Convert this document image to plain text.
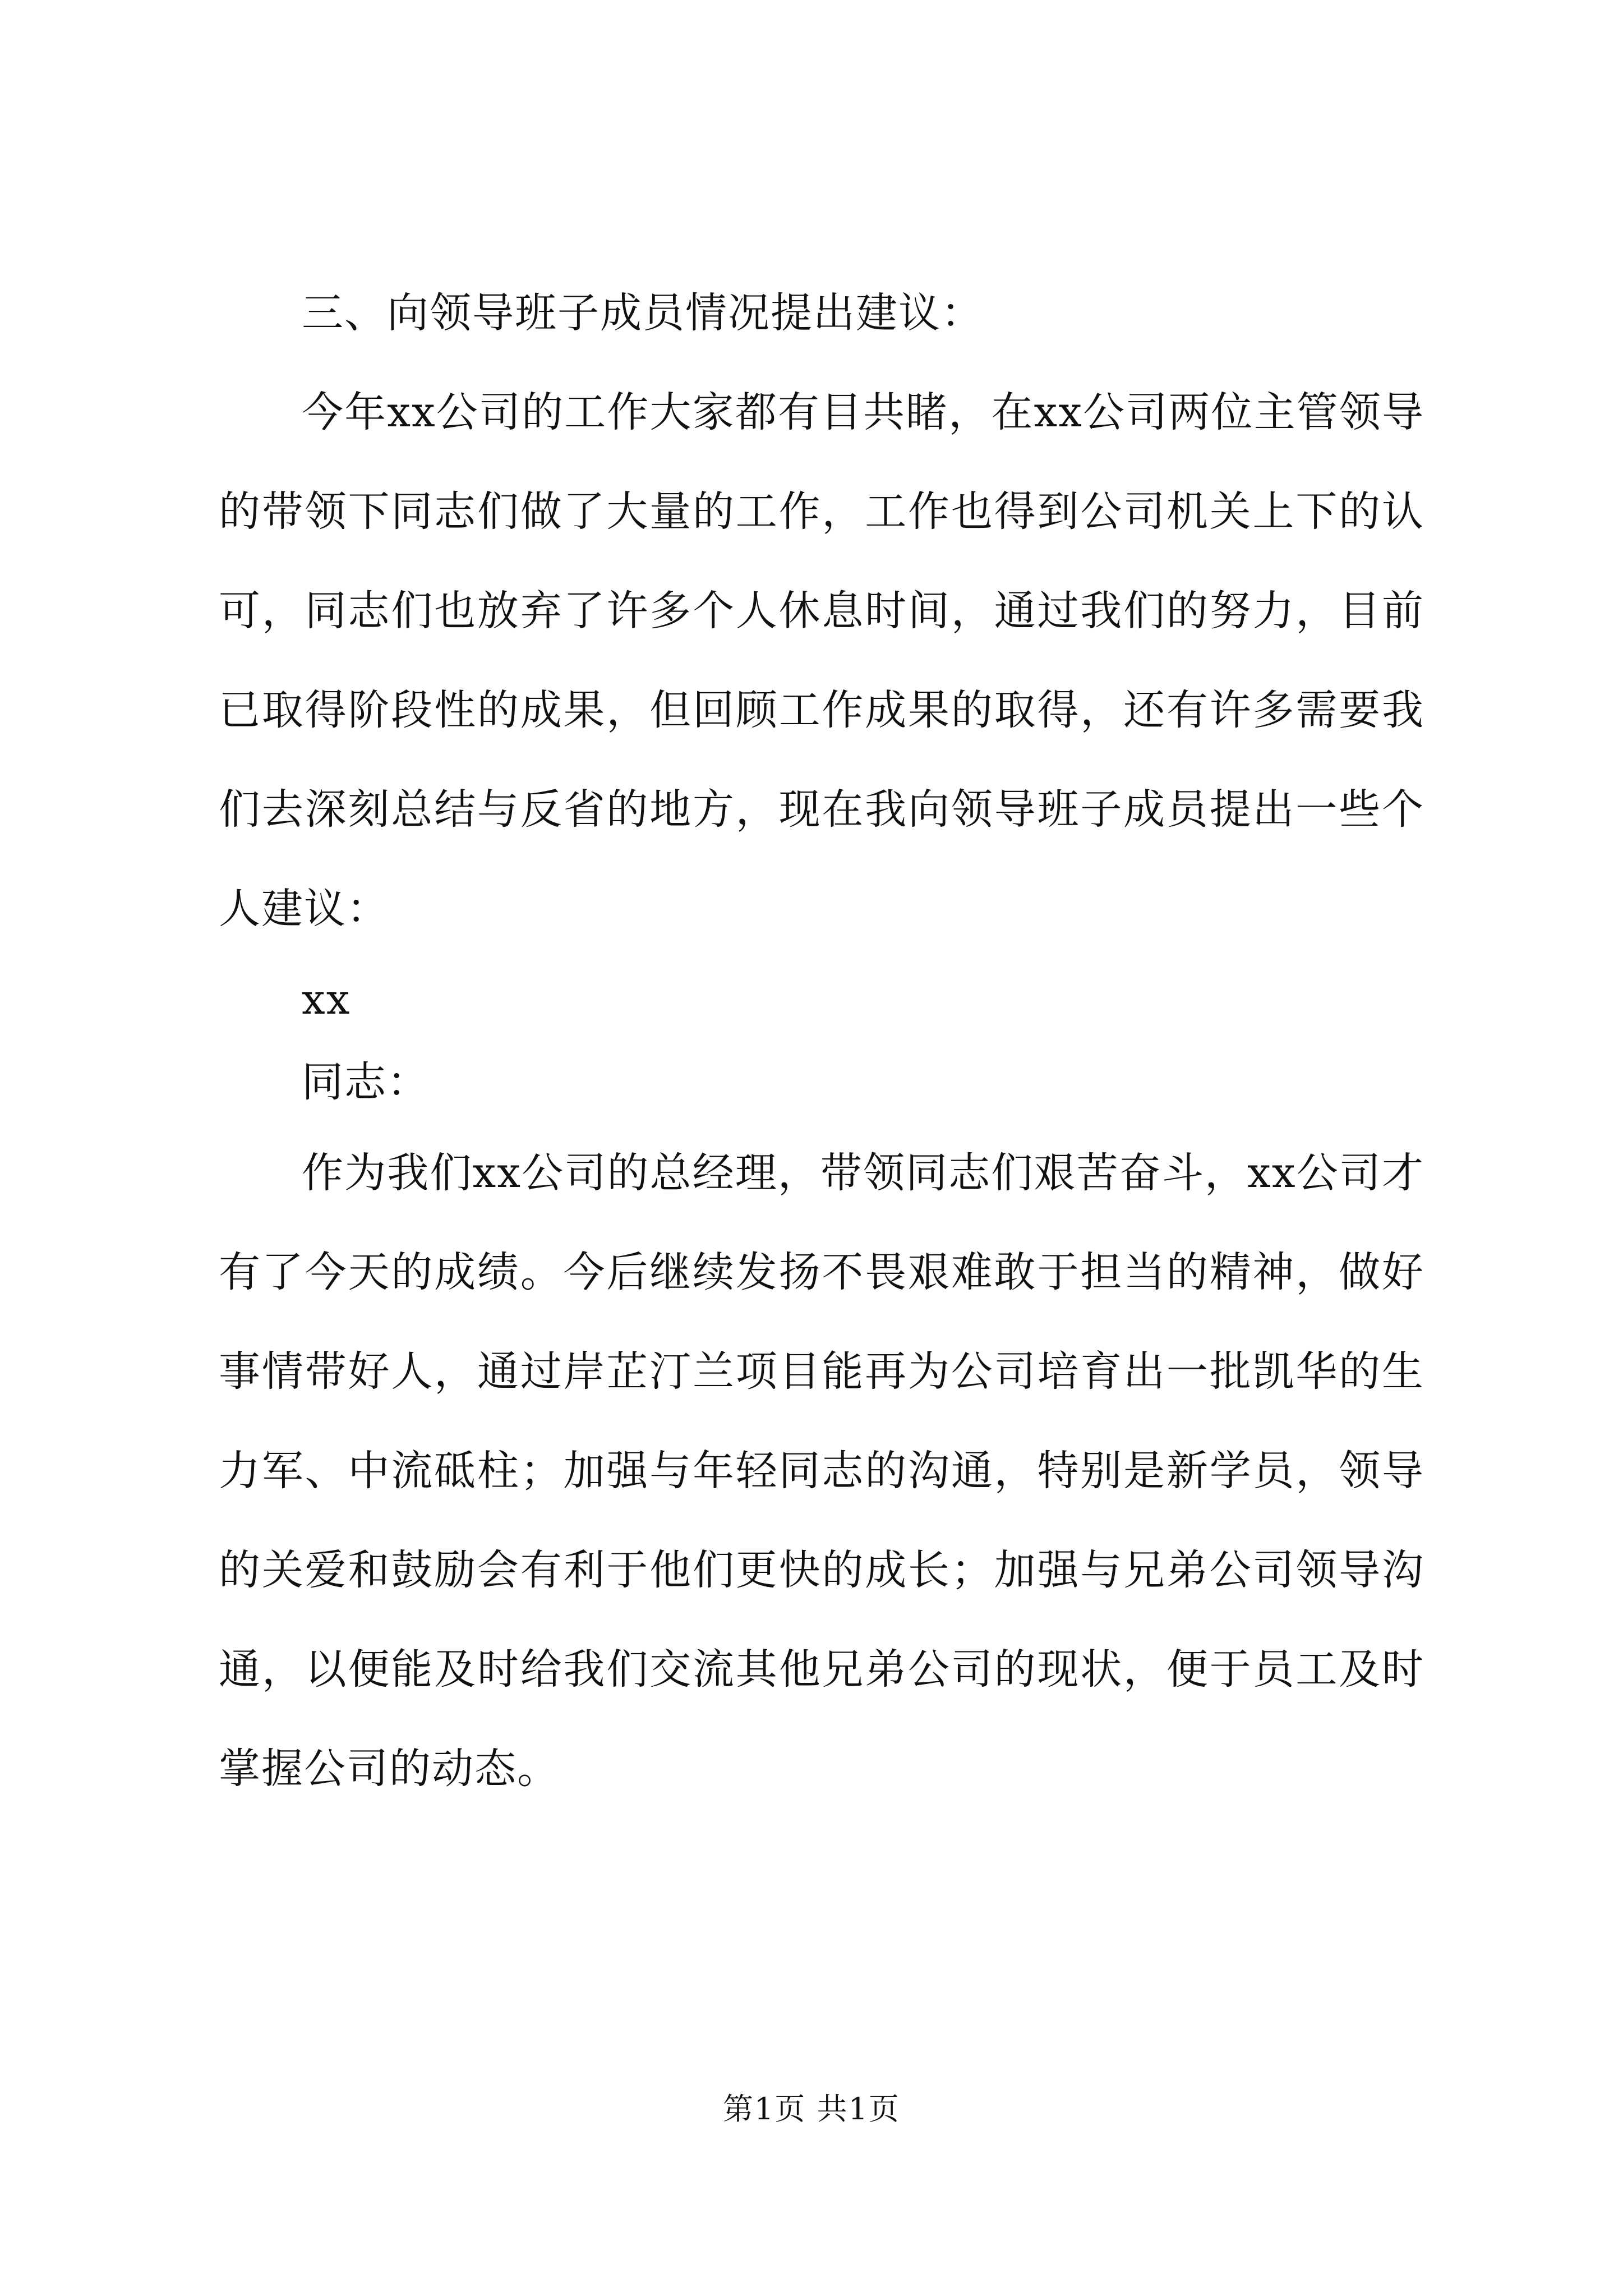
三、向领导班子成员情况提出建议：

今年xx公司的工作大家都有目共睹，在xx公司两位主管领导的带领下同志们做了大量的工作，工作也得到公司机关上下的认可，同志们也放弃了许多个人休息时间，通过我们的努力，目前已取得阶段性的成果，但回顾工作成果的取得，还有许多需要我们去深刻总结与反省的地方，现在我向领导班子成员提出一些个人建议：

xx

同志：

作为我们xx公司的总经理，带领同志们艰苦奋斗，xx公司才有了今天的成绩。今后继续发扬不畏艰难敢于担当的精神，做好事情带好人，通过岸芷汀兰项目能再为公司培育出一批凯华的生力军、中流砥柱；加强与年轻同志的沟通，特别是新学员，领导的关爱和鼓励会有利于他们更快的成长；加强与兄弟公司领导沟通，以便能及时给我们交流其他兄弟公司的现状，便于员工及时掌握公司的动态。

第1页 共1页
